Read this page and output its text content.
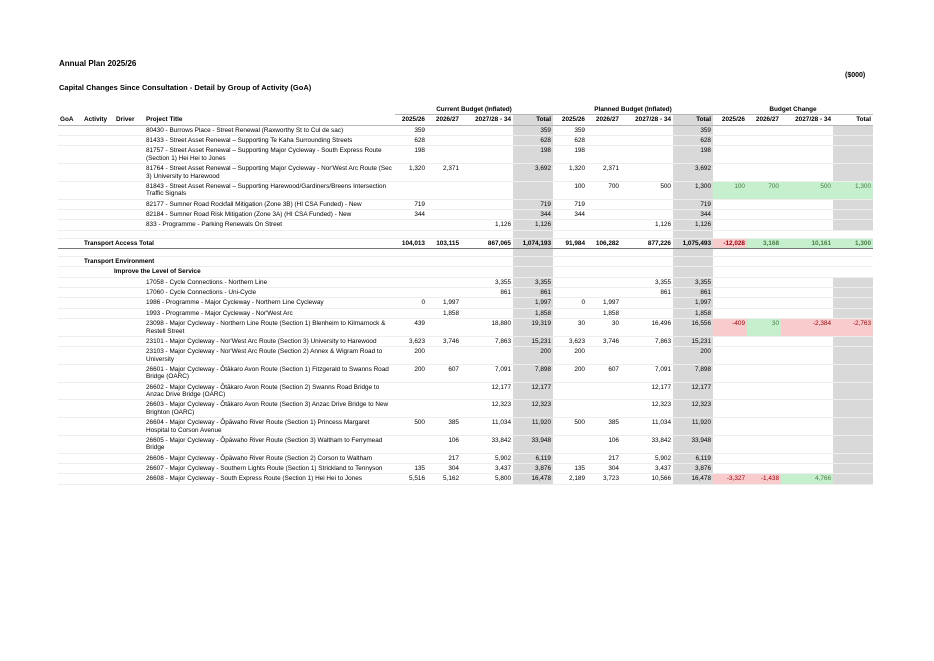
Annual Plan 2025/26
($000)
Capital Changes Since Consultation - Detail by Group of Activity (GoA)
				Current Budget (Inflated)				Planned Budget (Inflated)				Budget Change			
GoA	Activity	Driver	Project Title	2025/26	2026/27	2027/28 - 34	Total	2025/26	2026/27	2027/28 - 34	Total	2025/26	2026/27	2027/28 - 34	Total
			80430 - Burrows Place - Street Renewal (Raxworthy St to Cul de sac)	359			359	359			359				
			81433 - Street Asset Renewal – Supporting Te Kaha Surrounding Streets	628			628	628			628				
			81757 - Street Asset Renewal – Supporting Major Cycleway - South Express Route (Section 1) Hei Hei to Jones	198			198	198			198				
			81764 - Street Asset Renewal – Supporting Major Cycleway - Nor'West Arc Route (Sec 3) University to Harewood	1,320	2,371		3,692	1,320	2,371		3,692				
			81843 - Street Asset Renewal – Supporting Harewood/Gardiners/Breens Intersection Traffic Signals					100	700	500	1,300	100	700	500	1,300
			82177 - Sumner Road Rockfall Mitigation (Zone 3B) (HI CSA Funded) - New	719			719	719			719				
			82184 - Sumner Road Risk Mitigation (Zone 3A) (HI CSA Funded) - New	344			344	344			344				
			833 - Programme - Parking Renewals On Street			1,126	1,126			1,126	1,126				

	Transport Access Total			104,013	103,115	867,065	1,074,193	91,984	106,282	877,226	1,075,493	-12,028	3,168	10,161	1,300

	Transport Environment														
	Improve the Level of Service														
			17058 - Cycle Connections - Northern Line			3,355	3,355			3,355	3,355				
			17060 - Cycle Connections - Uni-Cycle			861	861			861	861				
			1986 - Programme - Major Cycleway - Northern Line Cycleway	0	1,997		1,997	0	1,997		1,997				
			1993 - Programme - Major Cycleway - Nor'West Arc		1,858		1,858		1,858		1,858				
			23098 - Major Cycleway - Northern Line Route (Section 1) Blenheim to Kilmarnock & Restell Street	439		18,880	19,319	30	30	16,496	16,556	-409	30	-2,384	-2,763
			23101 - Major Cycleway - Nor'West Arc Route (Section 3) University to Harewood	3,623	3,746	7,863	15,231	3,623	3,746	7,863	15,231				
			23103 - Major Cycleway - Nor'West Arc Route (Section 2) Annex & Wigram Road to University	200			200	200			200				
			26601 - Major Cycleway - Ōtākaro Avon Route (Section 1) Fitzgerald to Swanns Road Bridge (OARC)	200	607	7,091	7,898	200	607	7,091	7,898				
			26602 - Major Cycleway - Ōtākaro Avon Route (Section 2) Swanns Road Bridge to Anzac Drive Bridge (OARC)			12,177	12,177			12,177	12,177				
			26603 - Major Cycleway - Ōtākaro Avon Route (Section 3) Anzac Drive Bridge to New Brighton (OARC)			12,323	12,323			12,323	12,323				
			26604 - Major Cycleway - Ōpāwaho River Route (Section 1) Princess Margaret Hospital to Corson Avenue	500	385	11,034	11,920	500	385	11,034	11,920				
			26605 - Major Cycleway - Ōpāwaho River Route (Section 3) Waltham to Ferrymead Bridge		106	33,842	33,948		106	33,842	33,948				
			26606 - Major Cycleway - Ōpāwaho River Route (Section 2) Corson to Waltham		217	5,902	6,119		217	5,902	6,119				
			26607 - Major Cycleway - Southern Lights Route (Section 1) Strickland to Tennyson	135	304	3,437	3,876	135	304	3,437	3,876				
			26608 - Major Cycleway - South Express Route (Section 1) Hei Hei to Jones	5,516	5,162	5,800	16,478	2,189	3,723	10,566	16,478	-3,327	-1,438	4,766	
